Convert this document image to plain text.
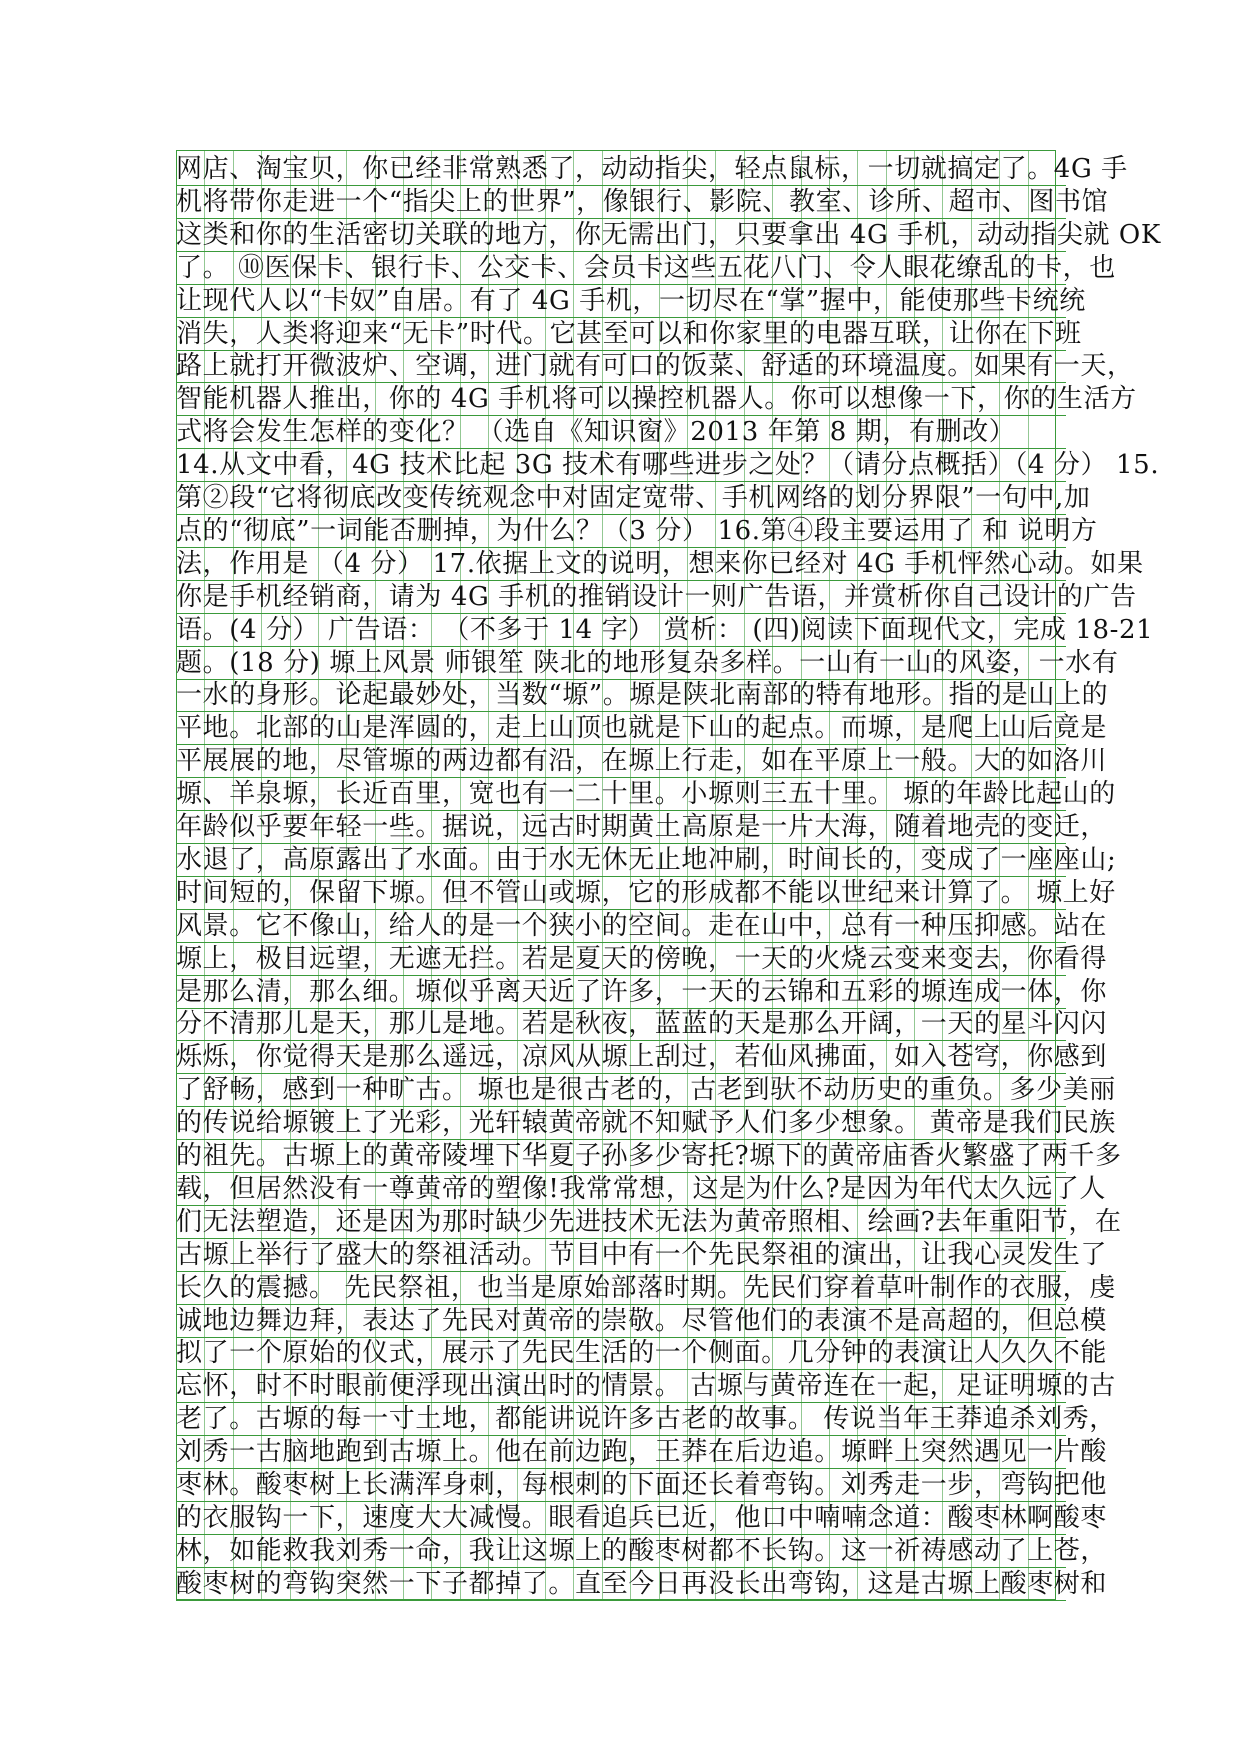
网店、淘宝贝，你已经非常熟悉了，动动指尖，轻点鼠标，一切就搞定了。4G 手
机将带你走进一个“指尖上的世界”，像银行、影院、教室、诊所、超市、图书馆
这类和你的生活密切关联的地方，你无需出门，只要拿出 4G 手机，动动指尖就 OK
了。 ⑩医保卡、银行卡、公交卡、会员卡这些五花八门、令人眼花缭乱的卡，也
让现代人以“卡奴”自居。有了 4G 手机，一切尽在“掌”握中，能使那些卡统统
消失，人类将迎来“无卡”时代。它甚至可以和你家里的电器互联，让你在下班
路上就打开微波炉、空调，进门就有可口的饭菜、舒适的环境温度。如果有一天，
智能机器人推出，你的 4G 手机将可以操控机器人。你可以想像一下，你的生活方
式将会发生怎样的变化？ （选自《知识窗》2013 年第 8 期，有删改）
14.从文中看，4G 技术比起 3G 技术有哪些进步之处？（请分点概括）（4 分） 15.
第②段“它将彻底改变传统观念中对固定宽带、手机网络的划分界限”一句中,加
点的“彻底”一词能否删掉，为什么？（3 分） 16.第④段主要运用了 和 说明方
法，作用是 （4 分） 17.依据上文的说明，想来你已经对 4G 手机怦然心动。如果
你是手机经销商，请为 4G 手机的推销设计一则广告语，并赏析你自己设计的广告
语。(4 分） 广告语： （不多于 14 字） 赏析： (四)阅读下面现代文，完成 18-21
题。(18 分) 塬上风景 师银笙 陕北的地形复杂多样。一山有一山的风姿，一水有
一水的身形。论起最妙处，当数“塬”。塬是陕北南部的特有地形。指的是山上的
平地。北部的山是浑圆的，走上山顶也就是下山的起点。而塬，是爬上山后竟是
平展展的地，尽管塬的两边都有沿，在塬上行走，如在平原上一般。大的如洛川
塬、羊泉塬，长近百里，宽也有一二十里。小塬则三五十里。 塬的年龄比起山的
年龄似乎要年轻一些。据说，远古时期黄土高原是一片大海，随着地壳的变迁，
水退了，高原露出了水面。由于水无休无止地冲刷，时间长的，变成了一座座山;
时间短的，保留下塬。但不管山或塬，它的形成都不能以世纪来计算了。 塬上好
风景。它不像山，给人的是一个狭小的空间。走在山中，总有一种压抑感。站在
塬上，极目远望，无遮无拦。若是夏天的傍晚，一天的火烧云变来变去，你看得
是那么清，那么细。塬似乎离天近了许多，一天的云锦和五彩的塬连成一体，你
分不清那儿是天，那儿是地。若是秋夜，蓝蓝的天是那么开阔，一天的星斗闪闪
烁烁，你觉得天是那么遥远，凉风从塬上刮过，若仙风拂面，如入苍穹，你感到
了舒畅，感到一种旷古。 塬也是很古老的，古老到驮不动历史的重负。多少美丽
的传说给塬镀上了光彩，光轩辕黄帝就不知赋予人们多少想象。 黄帝是我们民族
的祖先。古塬上的黄帝陵埋下华夏子孙多少寄托?塬下的黄帝庙香火繁盛了两千多
载，但居然没有一尊黄帝的塑像!我常常想，这是为什么?是因为年代太久远了人
们无法塑造，还是因为那时缺少先进技术无法为黄帝照相、绘画?去年重阳节，在
古塬上举行了盛大的祭祖活动。节目中有一个先民祭祖的演出，让我心灵发生了
长久的震撼。 先民祭祖，也当是原始部落时期。先民们穿着草叶制作的衣服，虔
诚地边舞边拜，表达了先民对黄帝的崇敬。尽管他们的表演不是高超的，但总模
拟了一个原始的仪式，展示了先民生活的一个侧面。几分钟的表演让人久久不能
忘怀，时不时眼前便浮现出演出时的情景。 古塬与黄帝连在一起，足证明塬的古
老了。古塬的每一寸土地，都能讲说许多古老的故事。 传说当年王莽追杀刘秀，
刘秀一古脑地跑到古塬上。他在前边跑，王莽在后边追。塬畔上突然遇见一片酸
枣林。酸枣树上长满浑身刺，每根刺的下面还长着弯钩。刘秀走一步，弯钩把他
的衣服钩一下，速度大大减慢。眼看追兵已近，他口中喃喃念道：酸枣林啊酸枣
林，如能救我刘秀一命，我让这塬上的酸枣树都不长钩。这一祈祷感动了上苍，
酸枣树的弯钩突然一下子都掉了。直至今日再没长出弯钩，这是古塬上酸枣树和
